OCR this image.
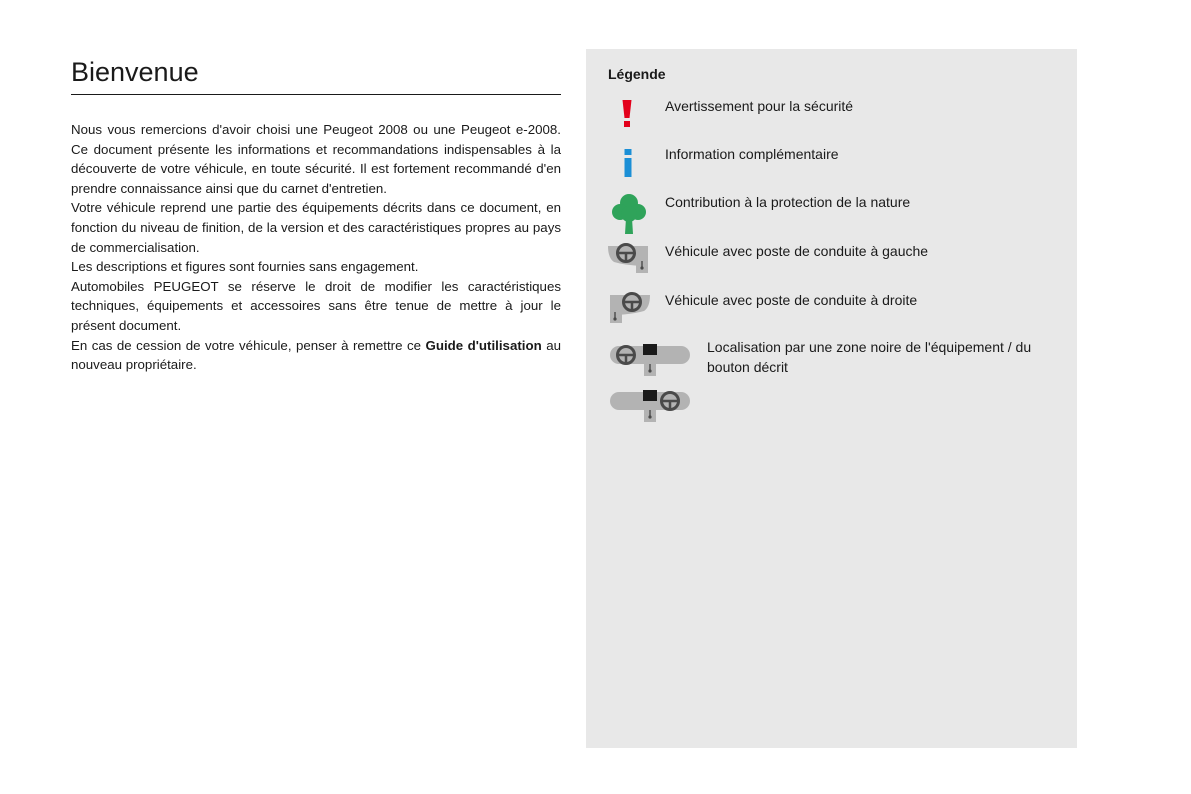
Bienvenue

Nous vous remercions d'avoir choisi une Peugeot 2008 ou une Peugeot e-2008. Ce document présente les informations et recommandations indispensables à la découverte de votre véhicule, en toute sécurité. Il est fortement recommandé d'en prendre connaissance ainsi que du carnet d'entretien.

Votre véhicule reprend une partie des équipements décrits dans ce document, en fonction du niveau de finition, de la version et des caractéristiques propres au pays de commercialisation.

Les descriptions et figures sont fournies sans engagement.

Automobiles PEUGEOT se réserve le droit de modifier les caractéristiques techniques, équipements et accessoires sans être tenue de mettre à jour le présent document.

En cas de cession de votre véhicule, penser à remettre ce Guide d'utilisation au nouveau propriétaire.

Légende
Avertissement pour la sécurité
Information complémentaire
Contribution à la protection de la nature
Véhicule avec poste de conduite à gauche
Véhicule avec poste de conduite à droite
Localisation par une zone noire de l'équipement / du bouton décrit
